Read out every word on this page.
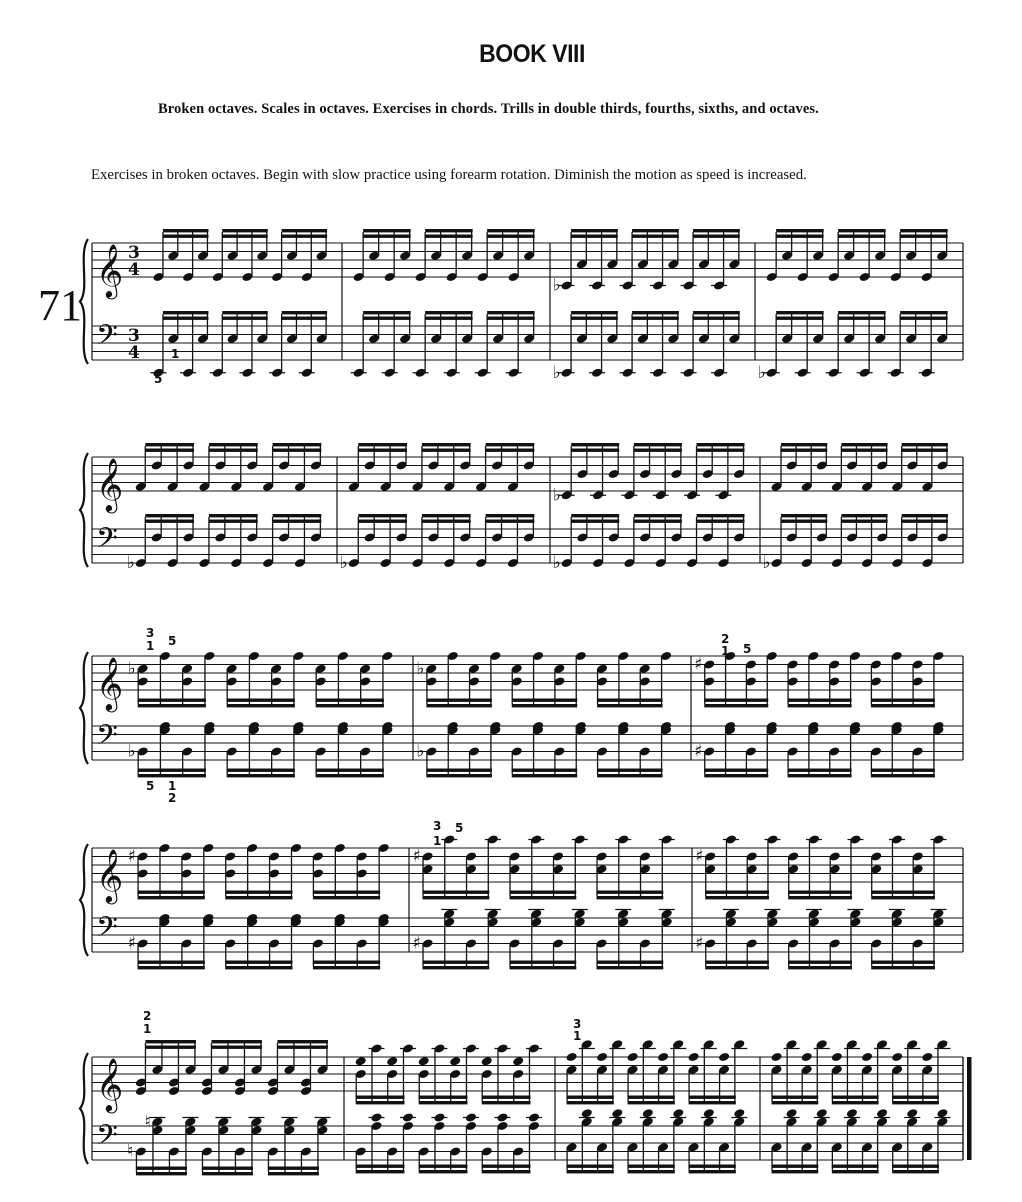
BOOK VIII
Broken octaves. Scales in octaves. Exercises in chords. Trills in double thirds, fourths, sixths, and octaves.
Exercises in broken octaves. Begin with slow practice using forearm rotation. Diminish the motion as speed is increased.
71
𝄞
𝄢
3
4
3
4
♭
♭
♭
5
1
𝄞
𝄢
♭	♭	♭
♭
♭
𝄞
𝄢
♭
♭
♭
♭
♯
♯
3
1 5
5 1
2
2
1 5
𝄞
𝄢
♯
♯
♯
♯
♯
♯
3
1
5
𝄞
𝄢 ♮
♮
2
1	3
1
